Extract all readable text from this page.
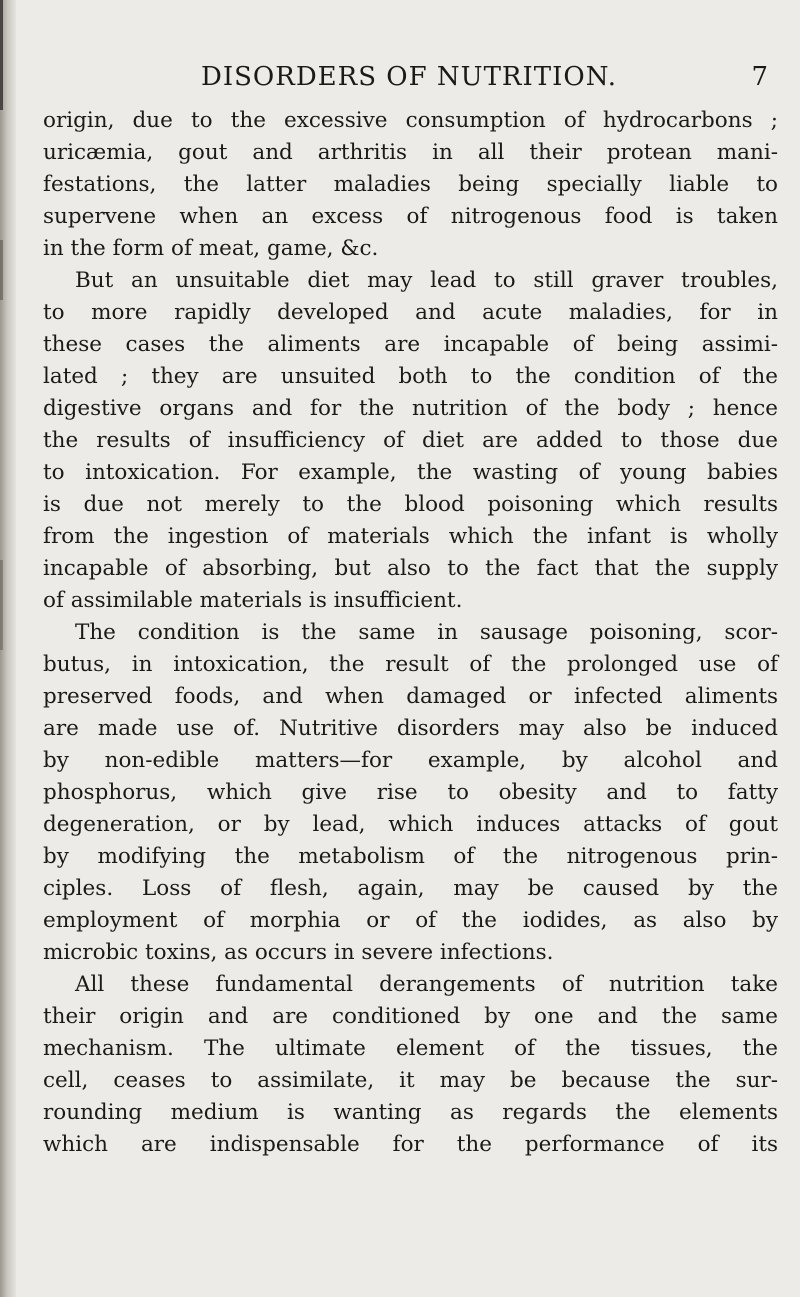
DISORDERS OF NUTRITION.	7
origin, due to the excessive consumption of hydrocarbons ;
uricæmia, gout and arthritis in all their protean mani-
festations, the latter maladies being specially liable to
supervene when an excess of nitrogenous food is taken
in the form of meat, game, &c.
But an unsuitable diet may lead to still graver troubles,
to more rapidly developed and acute maladies, for in
these cases the aliments are incapable of being assimi-
lated ; they are unsuited both to the condition of the
digestive organs and for the nutrition of the body ; hence
the results of insufficiency of diet are added to those due
to intoxication. For example, the wasting of young babies
is due not merely to the blood poisoning which results
from the ingestion of materials which the infant is wholly
incapable of absorbing, but also to the fact that the supply
of assimilable materials is insufficient.
The condition is the same in sausage poisoning, scor-
butus, in intoxication, the result of the prolonged use of
preserved foods, and when damaged or infected aliments
are made use of. Nutritive disorders may also be induced
by non-edible matters—for example, by alcohol and
phosphorus, which give rise to obesity and to fatty
degeneration, or by lead, which induces attacks of gout
by modifying the metabolism of the nitrogenous prin-
ciples. Loss of flesh, again, may be caused by the
employment of morphia or of the iodides, as also by
microbic toxins, as occurs in severe infections.
All these fundamental derangements of nutrition take
their origin and are conditioned by one and the same
mechanism. The ultimate element of the tissues, the
cell, ceases to assimilate, it may be because the sur-
rounding medium is wanting as regards the elements
which are indispensable for the performance of its
